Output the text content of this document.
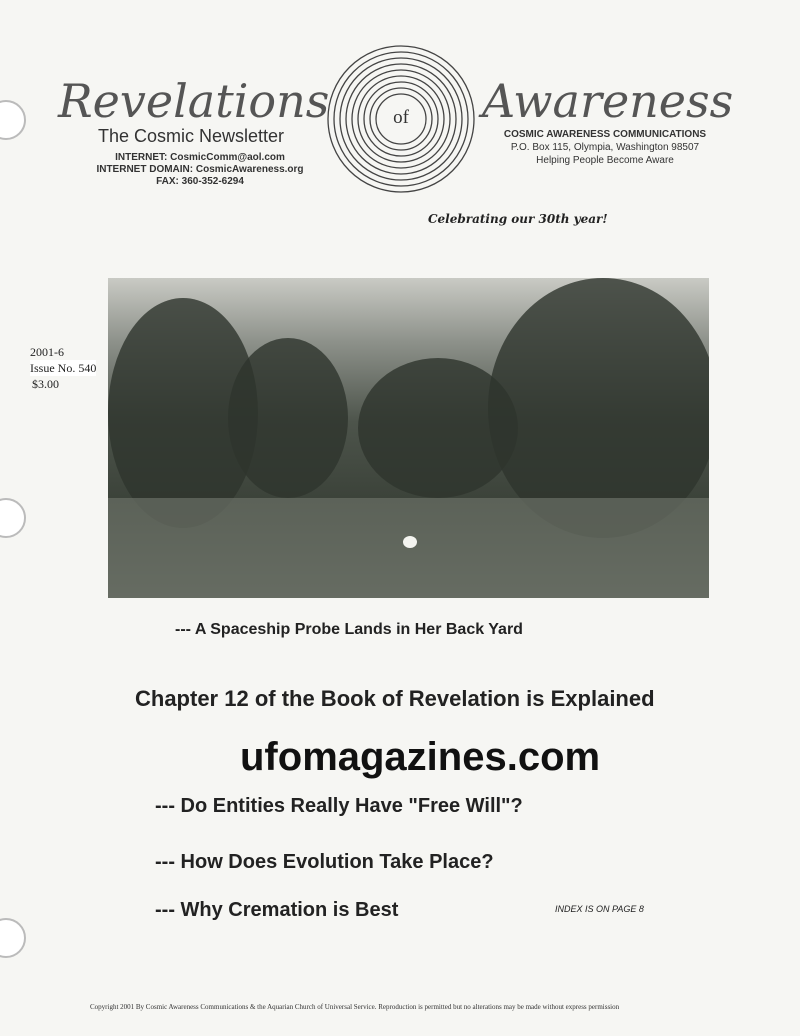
Revelations	of Awareness
The Cosmic Newsletter
INTERNET: CosmicComm@aol.com
INTERNET DOMAIN: CosmicAwareness.org
FAX: 360-352-6294
COSMIC AWARENESS COMMUNICATIONS
P.O. Box 115, Olympia, Washington 98507
Helping People Become Aware
Celebrating our 30th year!
2001-6
Issue No. 540
$3.00
--- A Spaceship Probe Lands in Her Back Yard
Chapter 12 of the Book of Revelation is Explained
ufomagazines.com
--- Do Entities Really Have "Free Will"?
--- How Does Evolution Take Place?
--- Why Cremation is Best	INDEX IS ON PAGE 8
Copyright 2001 By Cosmic Awareness Communications & the Aquarian Church of Universal Service. Reproduction is permitted but no alterations may be made without express permission
